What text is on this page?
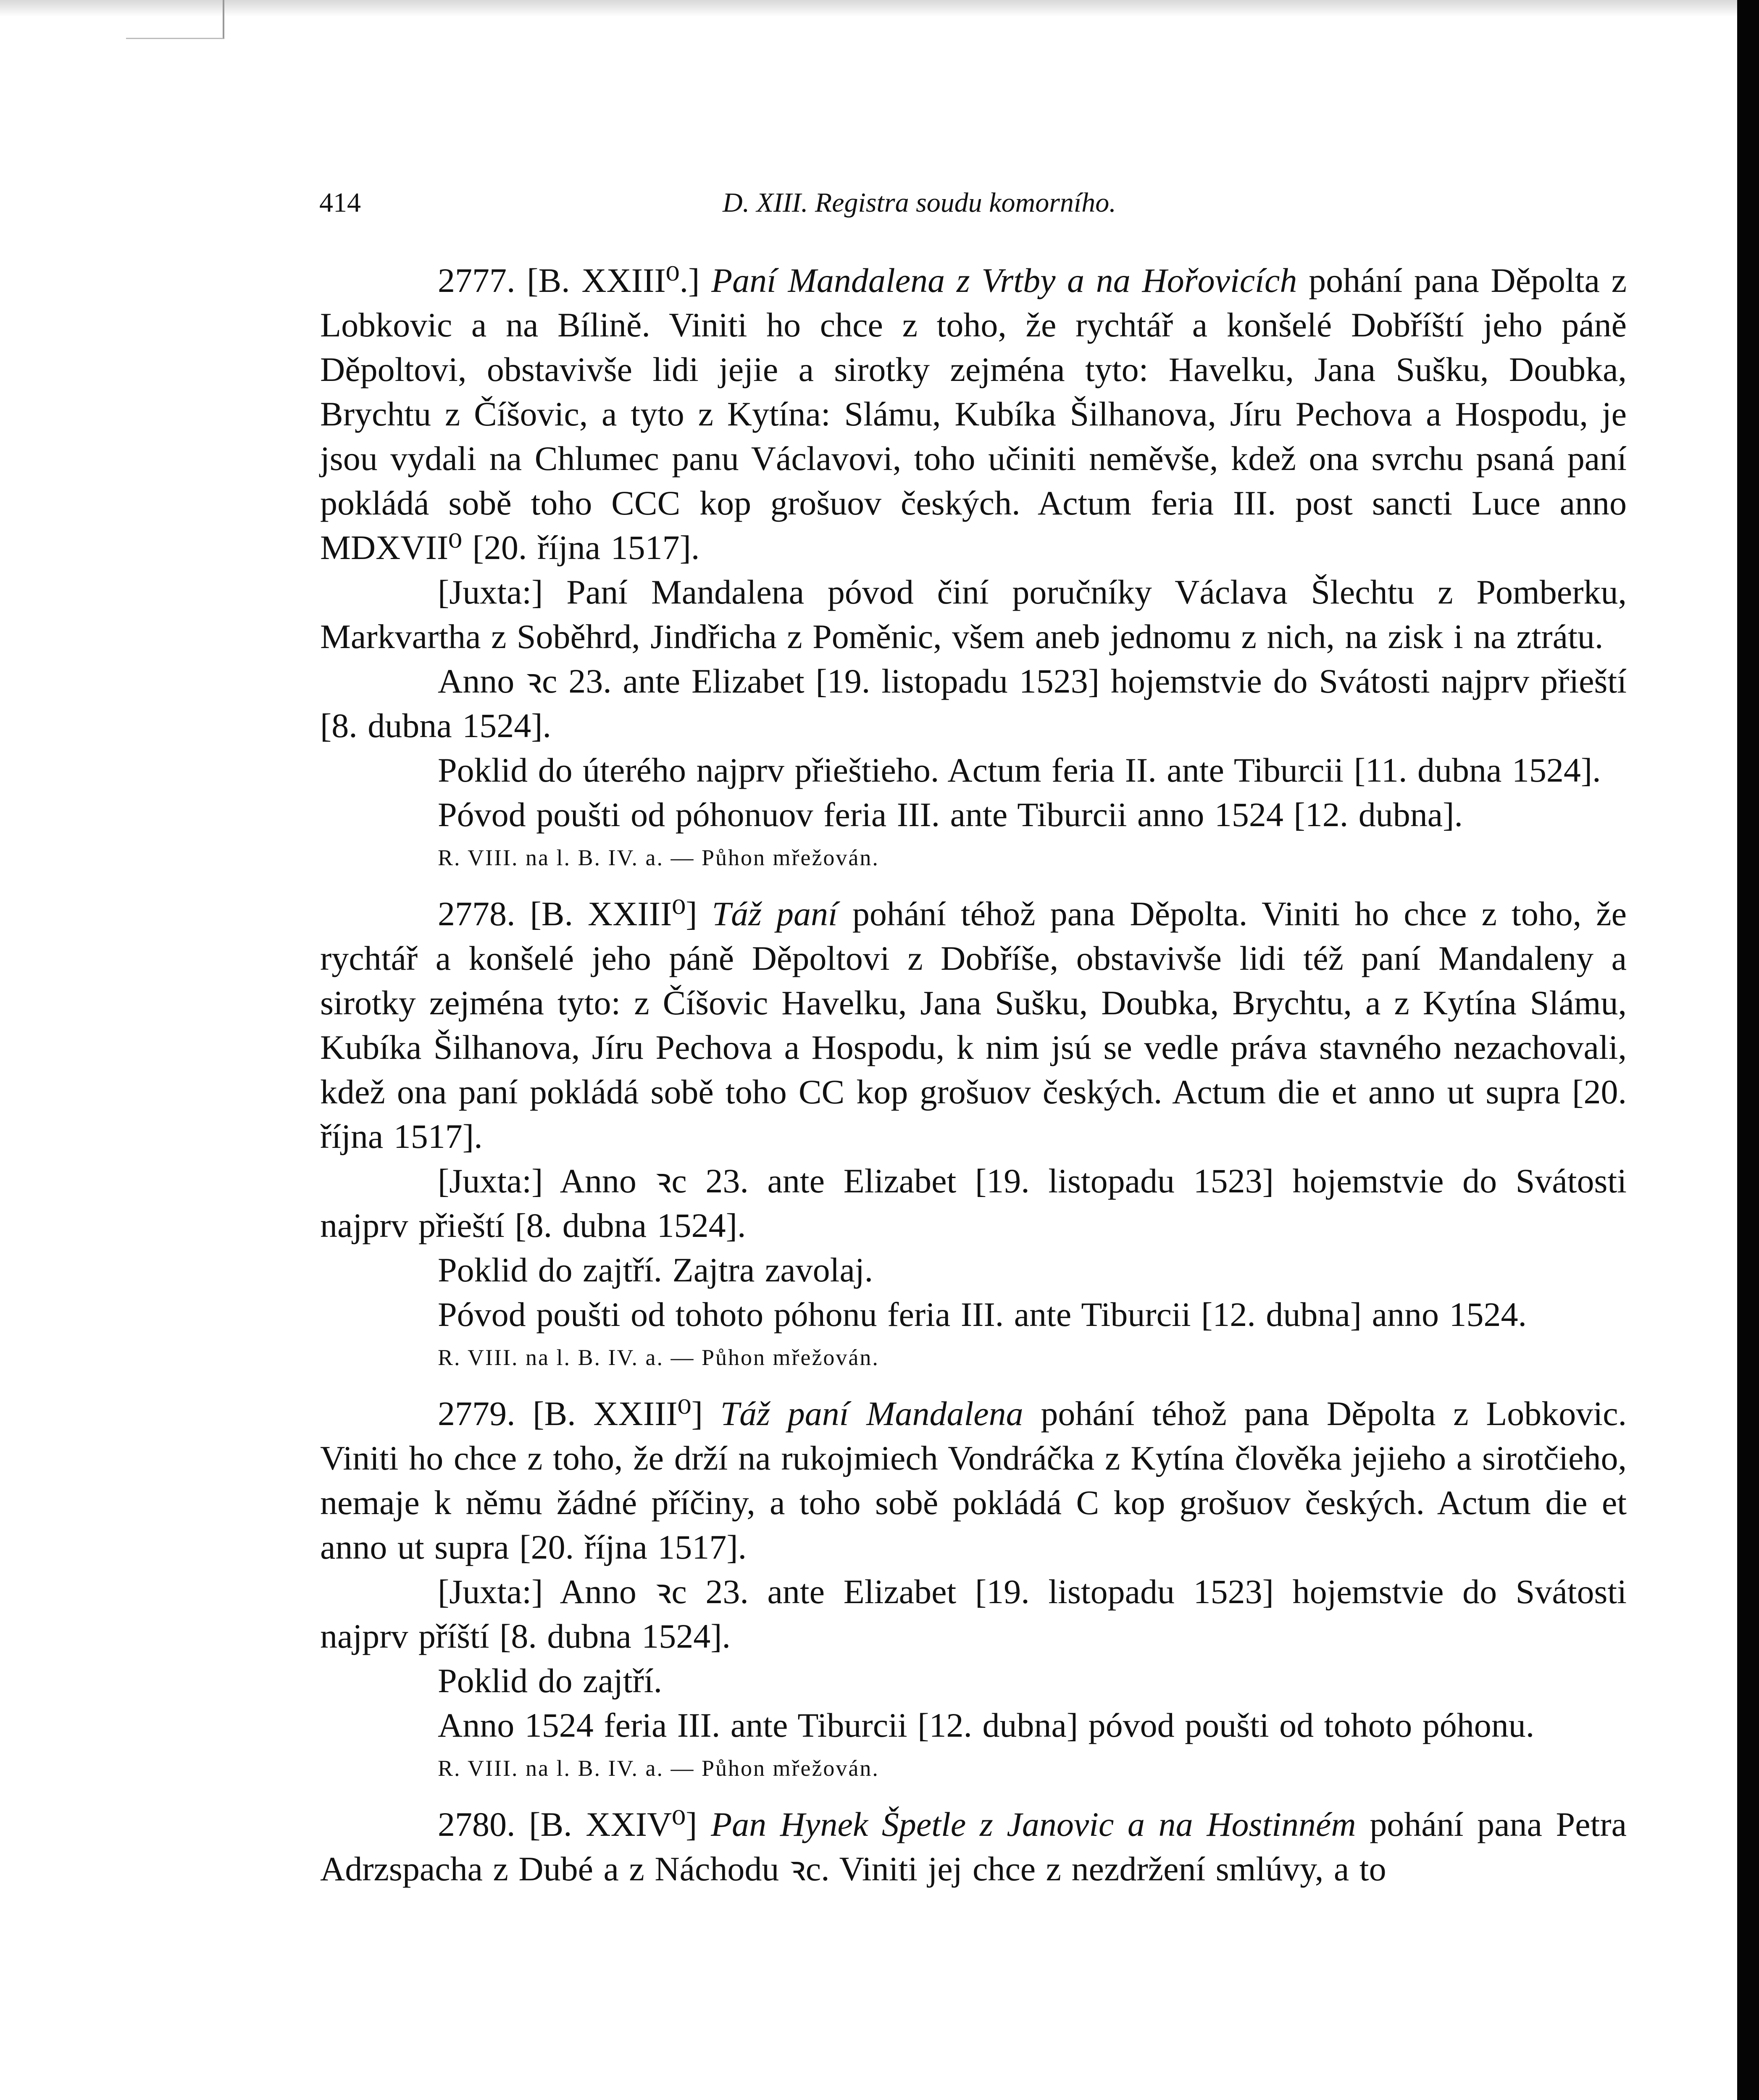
414	D. XIII. Registra soudu komorního.

2777. [B. XXIII⁰.] Paní Mandalena z Vrtby a na Hořovicích pohání pana Děpolta z Lobkovic a na Bílině. Viniti ho chce z toho, že rychtář a konšelé Dobříští jeho páně Děpoltovi, obstavivše lidi jejie a sirotky zejména tyto: Havelku, Jana Sušku, Doubka, Brychtu z Číšovic, a tyto z Kytína: Slámu, Kubíka Šilhanova, Jíru Pechova a Hospodu, je jsou vydali na Chlumec panu Václavovi, toho učiniti neměvše, kdež ona svrchu psaná paní pokládá sobě toho CCC kop grošuov českých. Actum feria III. post sancti Luce anno MDXVII⁰ [20. října 1517].

[Juxta:] Paní Mandalena póvod činí poručníky Václava Šlechtu z Pomberku, Markvartha z Soběhrd, Jindřicha z Poměnic, všem aneb jednomu z nich, na zisk i na ztrátu.

Anno ꝛc 23. ante Elizabet [19. listopadu 1523] hojemstvie do Svátosti najprv přieští [8. dubna 1524].

Poklid do úterého najprv přieštieho. Actum feria II. ante Tiburcii [11. dubna 1524].

Póvod poušti od póhonuov feria III. ante Tiburcii anno 1524 [12. dubna].

R. VIII. na l. B. IV. a. — Půhon mřežován.

2778. [B. XXIII⁰] Táž paní pohání téhož pana Děpolta. Viniti ho chce z toho, že rychtář a konšelé jeho páně Děpoltovi z Dobříše, obstavivše lidi též paní Mandaleny a sirotky zejména tyto: z Číšovic Havelku, Jana Sušku, Doubka, Brychtu, a z Kytína Slámu, Kubíka Šilhanova, Jíru Pechova a Hospodu, k nim jsú se vedle práva stavného nezachovali, kdež ona paní pokládá sobě toho CC kop grošuov českých. Actum die et anno ut supra [20. října 1517].

[Juxta:] Anno ꝛc 23. ante Elizabet [19. listopadu 1523] hojemstvie do Svátosti najprv přieští [8. dubna 1524].

Poklid do zajtří. Zajtra zavolaj.

Póvod poušti od tohoto póhonu feria III. ante Tiburcii [12. dubna] anno 1524.

R. VIII. na l. B. IV. a. — Půhon mřežován.

2779. [B. XXIII⁰] Táž paní Mandalena pohání téhož pana Děpolta z Lobkovic. Viniti ho chce z toho, že drží na rukojmiech Vondráčka z Kytína člověka jejieho a sirotčieho, nemaje k němu žádné příčiny, a toho sobě pokládá C kop grošuov českých. Actum die et anno ut supra [20. října 1517].

[Juxta:] Anno ꝛc 23. ante Elizabet [19. listopadu 1523] hojemstvie do Svátosti najprv příští [8. dubna 1524].

Poklid do zajtří.

Anno 1524 feria III. ante Tiburcii [12. dubna] póvod poušti od tohoto póhonu.

R. VIII. na l. B. IV. a. — Půhon mřežován.

2780. [B. XXIV⁰] Pan Hynek Špetle z Janovic a na Hostinném pohání pana Petra Adrzspacha z Dubé a z Náchodu ꝛc. Viniti jej chce z nezdržení smlúvy, a to
